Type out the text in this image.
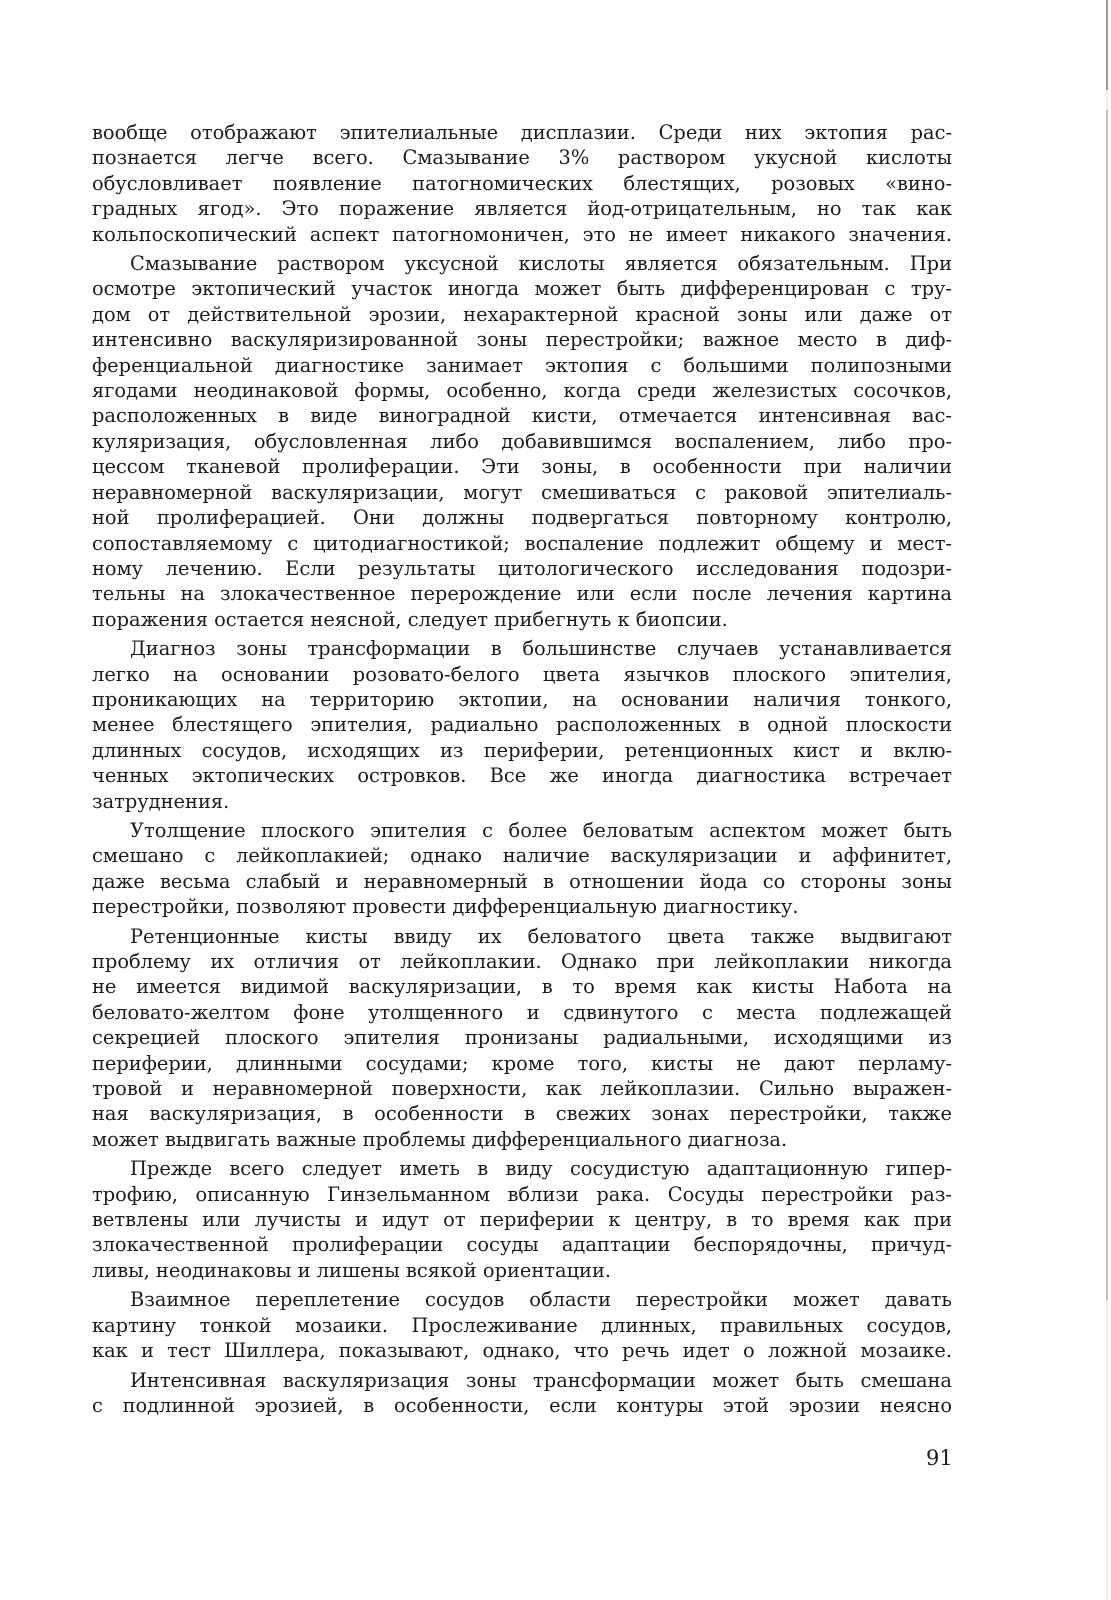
вообще отображают эпителиальные дисплазии. Среди них эктопия рас-
познается легче всего. Смазывание 3% раствором укусной кислоты
обусловливает появление патогномических блестящих, розовых «вино-
градных ягод». Это поражение является йод-отрицательным, но так как
кольпоскопический аспект патогномоничен, это не имеет никакого значения.
Смазывание раствором уксусной кислоты является обязательным. При
осмотре эктопический участок иногда может быть дифференцирован с тру-
дом от действительной эрозии, нехарактерной красной зоны или даже от
интенсивно васкуляризированной зоны перестройки; важное место в диф-
ференциальной диагностике занимает эктопия с большими полипозными
ягодами неодинаковой формы, особенно, когда среди железистых сосочков,
расположенных в виде виноградной кисти, отмечается интенсивная вас-
куляризация, обусловленная либо добавившимся воспалением, либо про-
цессом тканевой пролиферации. Эти зоны, в особенности при наличии
неравномерной васкуляризации, могут смешиваться с раковой эпителиаль-
ной пролиферацией. Они должны подвергаться повторному контролю,
сопоставляемому с цитодиагностикой; воспаление подлежит общему и мест-
ному лечению. Если результаты цитологического исследования подозри-
тельны на злокачественное перерождение или если после лечения картина
поражения остается неясной, следует прибегнуть к биопсии.
Диагноз зоны трансформации в большинстве случаев устанавливается
легко на основании розовато-белого цвета язычков плоского эпителия,
проникающих на территорию эктопии, на основании наличия тонкого,
менее блестящего эпителия, радиально расположенных в одной плоскости
длинных сосудов, исходящих из периферии, ретенционных кист и вклю-
ченных эктопических островков. Все же иногда диагностика встречает
затруднения.
Утолщение плоского эпителия с более беловатым аспектом может быть
смешано с лейкоплакией; однако наличие васкуляризации и аффинитет,
даже весьма слабый и неравномерный в отношении йода со стороны зоны
перестройки, позволяют провести дифференциальную диагностику.
Ретенционные кисты ввиду их беловатого цвета также выдвигают
проблему их отличия от лейкоплакии. Однако при лейкоплакии никогда
не имеется видимой васкуляризации, в то время как кисты Набота на
беловато-желтом фоне утолщенного и сдвинутого с места подлежащей
секрецией плоского эпителия пронизаны радиальными, исходящими из
периферии, длинными сосудами; кроме того, кисты не дают перламу-
тровой и неравномерной поверхности, как лейкоплазии. Сильно выражен-
ная васкуляризация, в особенности в свежих зонах перестройки, также
может выдвигать важные проблемы дифференциального диагноза.
Прежде всего следует иметь в виду сосудистую адаптационную гипер-
трофию, описанную Гинзельманном вблизи рака. Сосуды перестройки раз-
ветвлены или лучисты и идут от периферии к центру, в то время как при
злокачественной пролиферации сосуды адаптации беспорядочны, причуд-
ливы, неодинаковы и лишены всякой ориентации.
Взаимное переплетение сосудов области перестройки может давать
картину тонкой мозаики. Прослеживание длинных, правильных сосудов,
как и тест Шиллера, показывают, однако, что речь идет о ложной мозаике.
Интенсивная васкуляризация зоны трансформации может быть смешана
с подлинной эрозией, в особенности, если контуры этой эрозии неясно
91
